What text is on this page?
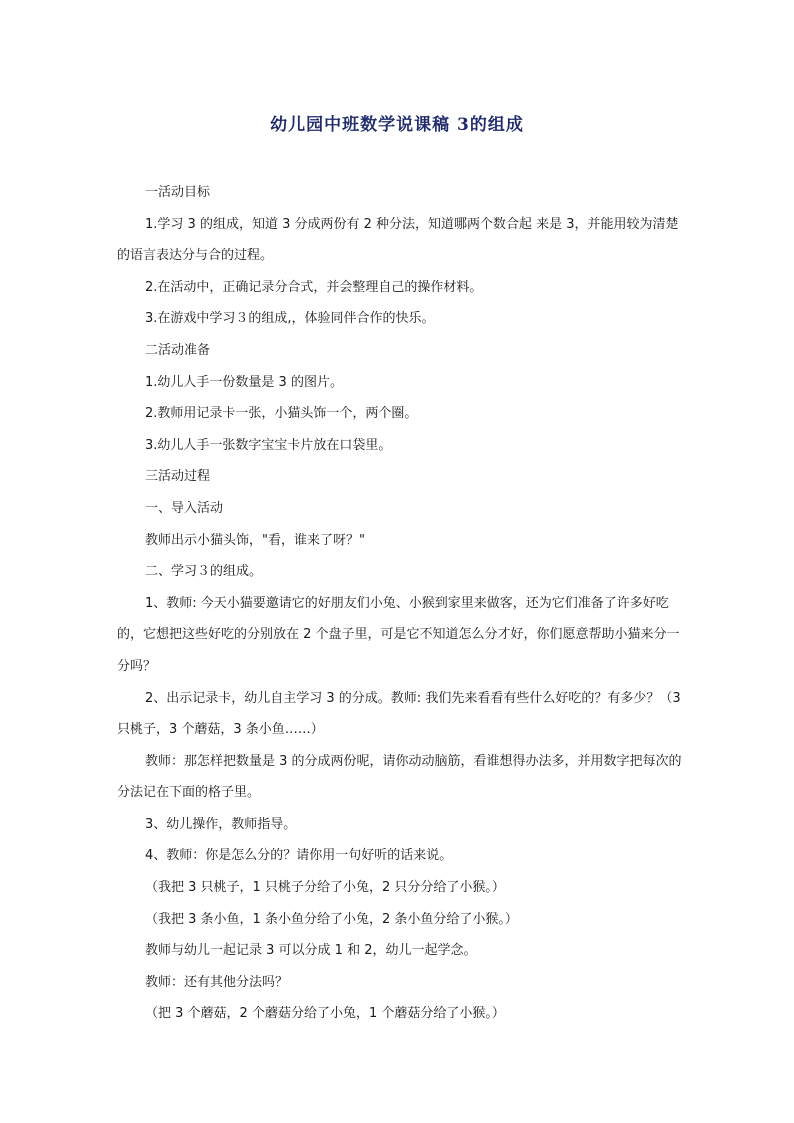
幼儿园中班数学说课稿 3的组成

一活动目标

1.学习 3 的组成，知道 3 分成两份有 2 种分法，知道哪两个数合起 来是 3，并能用较为清楚的语言表达分与合的过程。

2.在活动中，正确记录分合式，并会整理自己的操作材料。

3.在游戏中学习３的组成,，体验同伴合作的快乐。

二活动准备

1.幼儿人手一份数量是 3 的图片。

2.教师用记录卡一张，小猫头饰一个，两个圈。

3.幼儿人手一张数字宝宝卡片放在口袋里。

三活动过程

一、导入活动

教师出示小猫头饰，"看，谁来了呀？"

二、学习３的组成。

1、教师: 今天小猫要邀请它的好朋友们小兔、小猴到家里来做客，还为它们准备了许多好吃的，它想把这些好吃的分别放在 2 个盘子里，可是它不知道怎么分才好，你们愿意帮助小猫来分一分吗？

2、出示记录卡，幼儿自主学习 3 的分成。教师: 我们先来看看有些什么好吃的？有多少？（3 只桃子，3 个蘑菇，3 条小鱼……）

教师：那怎样把数量是 3 的分成两份呢，请你动动脑筋，看谁想得办法多，并用数字把每次的分法记在下面的格子里。

3、幼儿操作，教师指导。

4、教师：你是怎么分的？请你用一句好听的话来说。

（我把 3 只桃子，1 只桃子分给了小兔，2 只分分给了小猴。）

（我把 3 条小鱼，1 条小鱼分给了小兔，2 条小鱼分给了小猴。）

教师与幼儿一起记录 3 可以分成 1 和 2，幼儿一起学念。

教师：还有其他分法吗？

（把 3 个蘑菇，2 个蘑菇分给了小兔，1 个蘑菇分给了小猴。）
